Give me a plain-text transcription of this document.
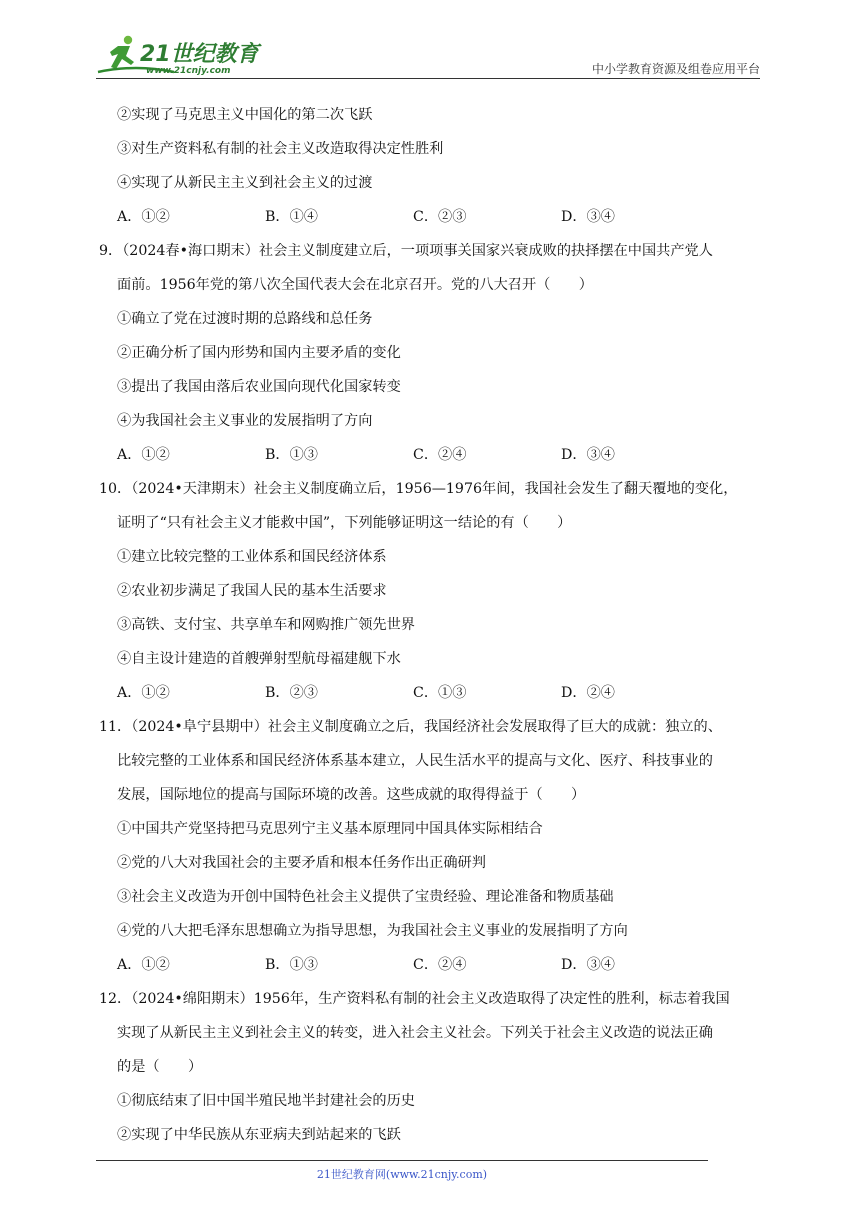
21世纪教育
www.21cnjy.com	中小学教育资源及组卷应用平台
②实现了马克思主义中国化的第二次飞跃
③对生产资料私有制的社会主义改造取得决定性胜利
④实现了从新民主主义到社会主义的过渡
A．①②	B．①④	C．②③	D．③④
9．（2024春•海口期末）社会主义制度建立后，一项项事关国家兴衰成败的抉择摆在中国共产党人
面前。1956年党的第八次全国代表大会在北京召开。党的八大召开（　　）
①确立了党在过渡时期的总路线和总任务
②正确分析了国内形势和国内主要矛盾的变化
③提出了我国由落后农业国向现代化国家转变
④为我国社会主义事业的发展指明了方向
A．①②	B．①③	C．②④	D．③④
10．（2024•天津期末）社会主义制度确立后，1956—1976年间，我国社会发生了翻天覆地的变化，
证明了“只有社会主义才能救中国”，下列能够证明这一结论的有（　　）
①建立比较完整的工业体系和国民经济体系
②农业初步满足了我国人民的基本生活要求
③高铁、支付宝、共享单车和网购推广领先世界
④自主设计建造的首艘弹射型航母福建舰下水
A．①②	B．②③	C．①③	D．②④
11．（2024•阜宁县期中）社会主义制度确立之后，我国经济社会发展取得了巨大的成就：独立的、
比较完整的工业体系和国民经济体系基本建立，人民生活水平的提高与文化、医疗、科技事业的
发展，国际地位的提高与国际环境的改善。这些成就的取得得益于（　　）
①中国共产党坚持把马克思列宁主义基本原理同中国具体实际相结合
②党的八大对我国社会的主要矛盾和根本任务作出正确研判
③社会主义改造为开创中国特色社会主义提供了宝贵经验、理论准备和物质基础
④党的八大把毛泽东思想确立为指导思想，为我国社会主义事业的发展指明了方向
A．①②	B．①③	C．②④	D．③④
12．（2024•绵阳期末）1956年，生产资料私有制的社会主义改造取得了决定性的胜利，标志着我国
实现了从新民主主义到社会主义的转变，进入社会主义社会。下列关于社会主义改造的说法正确
的是（　　）
①彻底结束了旧中国半殖民地半封建社会的历史
②实现了中华民族从东亚病夫到站起来的飞跃
21世纪教育网(www.21cnjy.com)
